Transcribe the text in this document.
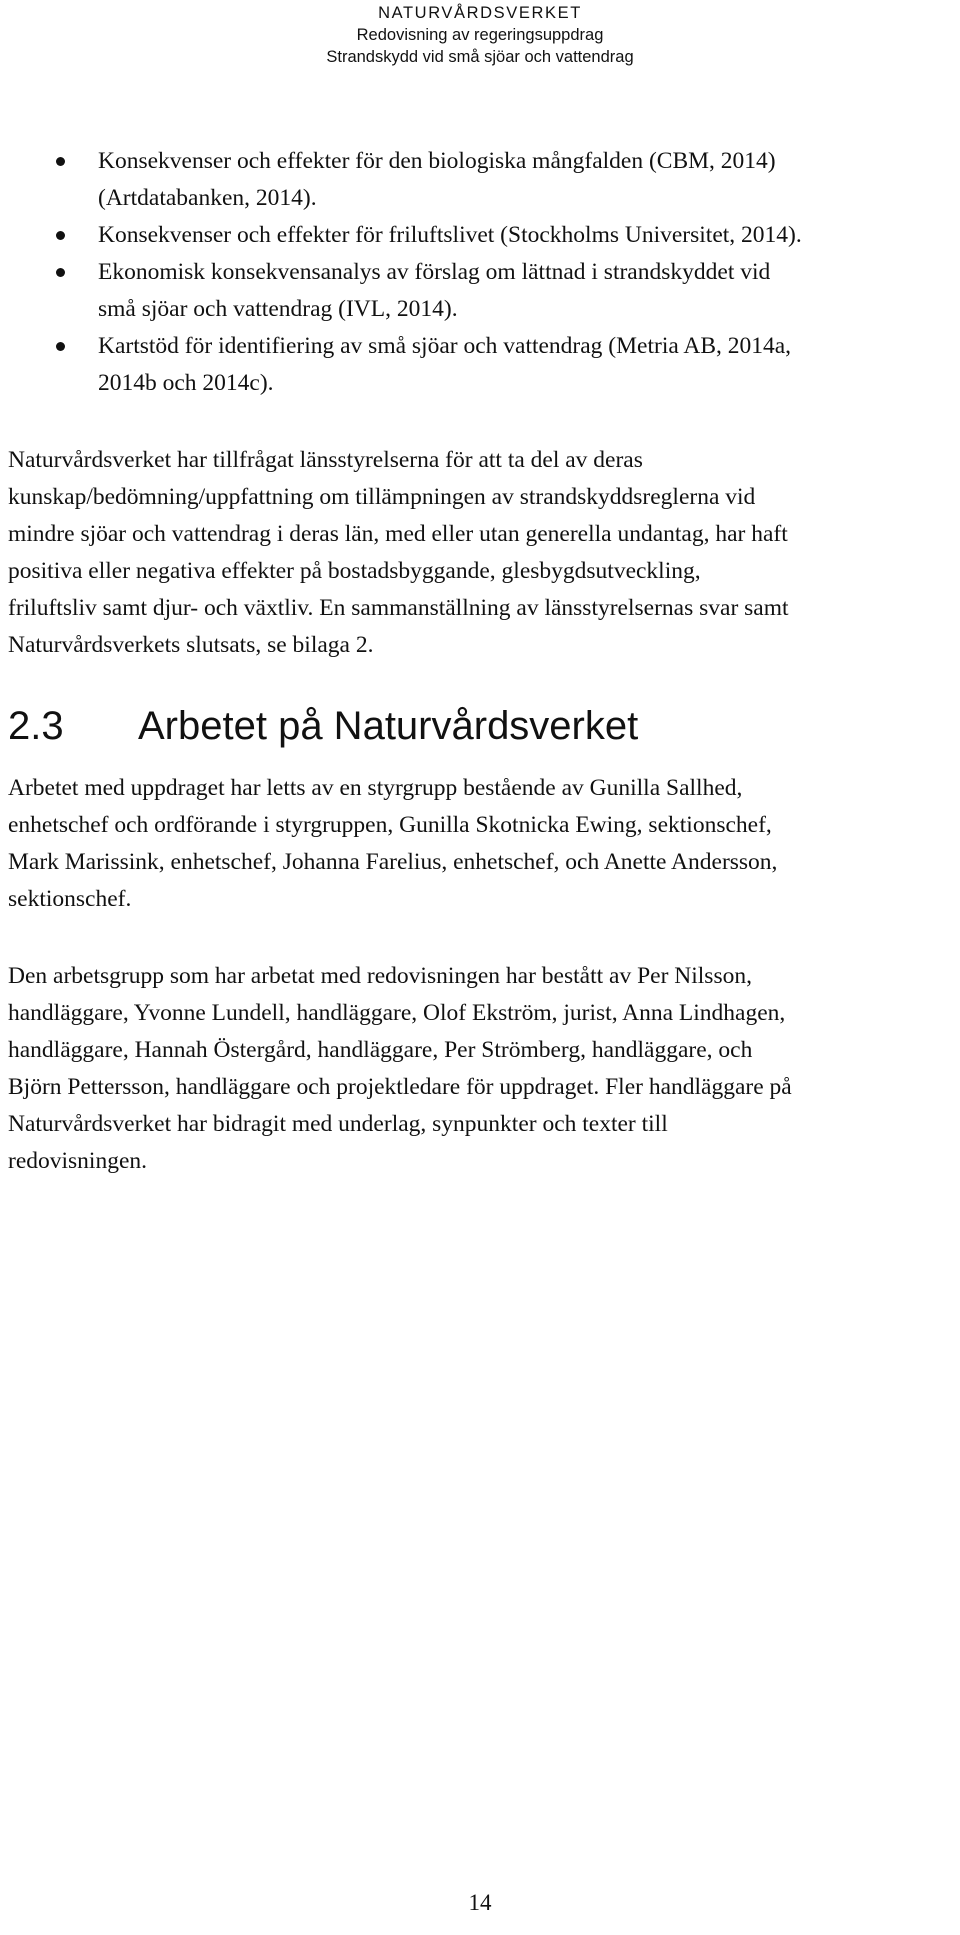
NATURVÅRDSVERKET
Redovisning av regeringsuppdrag
Strandskydd vid små sjöar och vattendrag
Konsekvenser och effekter för den biologiska mångfalden (CBM, 2014)
(Artdatabanken, 2014).
Konsekvenser och effekter för friluftslivet (Stockholms Universitet, 2014).
Ekonomisk konsekvensanalys av förslag om lättnad i strandskyddet vid
små sjöar och vattendrag (IVL, 2014).
Kartstöd för identifiering av små sjöar och vattendrag (Metria AB, 2014a,
2014b och 2014c).

Naturvårdsverket har tillfrågat länsstyrelserna för att ta del av deras
kunskap/bedömning/uppfattning om tillämpningen av strandskyddsreglerna vid
mindre sjöar och vattendrag i deras län, med eller utan generella undantag, har haft
positiva eller negativa effekter på bostadsbyggande, glesbygdsutveckling,
friluftsliv samt djur- och växtliv. En sammanställning av länsstyrelsernas svar samt
Naturvårdsverkets slutsats, se bilaga 2.

2.3 Arbetet på Naturvårdsverket

Arbetet med uppdraget har letts av en styrgrupp bestående av Gunilla Sallhed,
enhetschef och ordförande i styrgruppen, Gunilla Skotnicka Ewing, sektionschef,
Mark Marissink, enhetschef, Johanna Farelius, enhetschef, och Anette Andersson,
sektionschef.

Den arbetsgrupp som har arbetat med redovisningen har bestått av Per Nilsson,
handläggare, Yvonne Lundell, handläggare, Olof Ekström, jurist, Anna Lindhagen,
handläggare, Hannah Östergård, handläggare, Per Strömberg, handläggare, och
Björn Pettersson, handläggare och projektledare för uppdraget. Fler handläggare på
Naturvårdsverket har bidragit med underlag, synpunkter och texter till
redovisningen.

14
